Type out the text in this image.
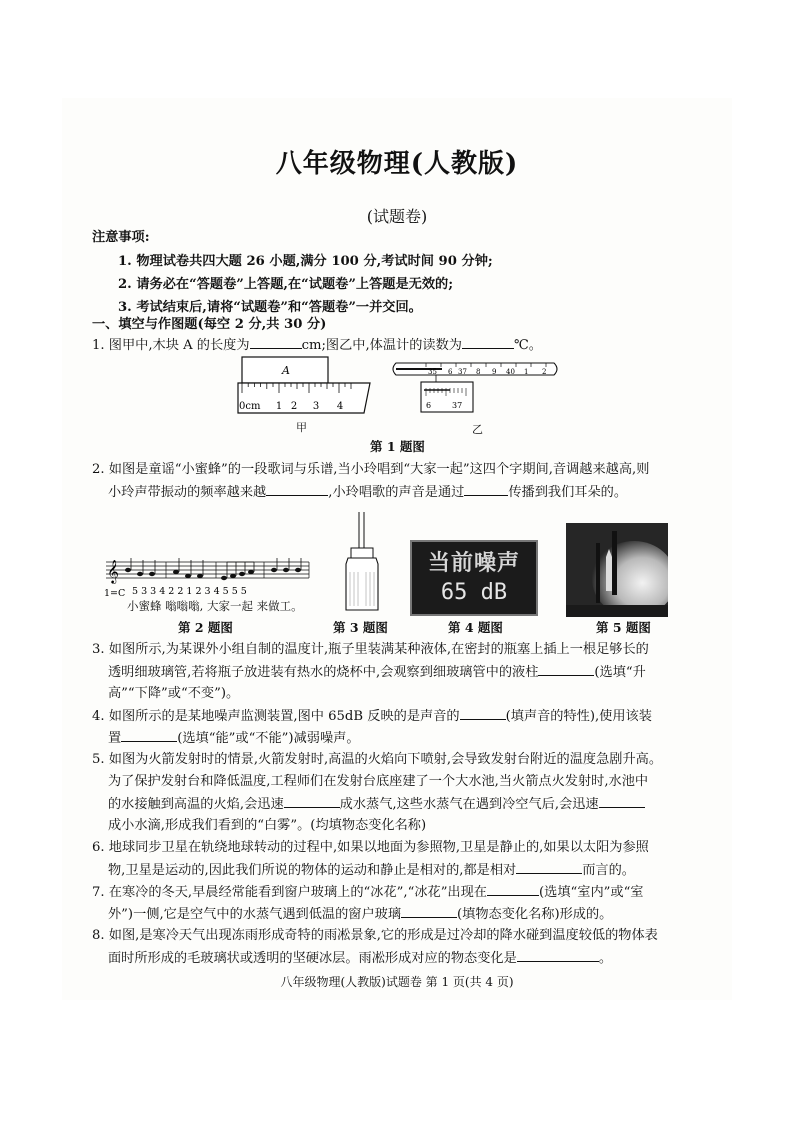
八年级物理(人教版)
(试题卷)
注意事项:
1. 物理试卷共四大题 26 小题,满分 100 分,考试时间 90 分钟;
2. 请务必在“答题卷”上答题,在“试题卷”上答题是无效的;
3. 考试结束后,请将“试题卷”和“答题卷”一并交回。
一、填空与作图题(每空 2 分,共 30 分)
1. 图甲中,木块 A 的长度为	cm;图乙中,体温计的读数为	℃。
A
0cm 1 2 3 4
35 6 37 8 9 40 1 2
6	37
甲	乙
第 1 题图
2. 如图是童谣“小蜜蜂”的一段歌词与乐谱,当小玲唱到“大家一起”这四个字期间,音调越来越高,则
小玲声带振动的频率越来越	,小玲唱歌的声音是通过	传播到我们耳朵的。
𝄞
1=C 5 3 3 4 2 2 1 2 3 4 5 5 5
小蜜蜂 嗡嗡嗡, 大家一起 来做工。
第 2 题图	第 3 题图
当前噪声
65 dB
第 4 题图	第 5 题图
3. 如图所示,为某课外小组自制的温度计,瓶子里装满某种液体,在密封的瓶塞上插上一根足够长的
透明细玻璃管,若将瓶子放进装有热水的烧杯中,会观察到细玻璃管中的液柱	(选填“升
高”“下降”或“不变”)。
4. 如图所示的是某地噪声监测装置,图中 65dB 反映的是声音的	(填声音的特性),使用该装
置	(选填“能”或“不能”)减弱噪声。
5. 如图为火箭发射时的情景,火箭发射时,高温的火焰向下喷射,会导致发射台附近的温度急剧升高。
为了保护发射台和降低温度,工程师们在发射台底座建了一个大水池,当火箭点火发射时,水池中
的水接触到高温的火焰,会迅速	成水蒸气,这些水蒸气在遇到冷空气后,会迅速
成小水滴,形成我们看到的“白雾”。(均填物态变化名称)
6. 地球同步卫星在轨绕地球转动的过程中,如果以地面为参照物,卫星是静止的,如果以太阳为参照
物,卫星是运动的,因此我们所说的物体的运动和静止是相对的,都是相对	而言的。
7. 在寒冷的冬天,早晨经常能看到窗户玻璃上的“冰花”,“冰花”出现在	(选填“室内”或“室
外”)一侧,它是空气中的水蒸气遇到低温的窗户玻璃	(填物态变化名称)形成的。
8. 如图,是寒冷天气出现冻雨形成奇特的雨凇景象,它的形成是过冷却的降水碰到温度较低的物体表
面时所形成的毛玻璃状或透明的坚硬冰层。雨凇形成对应的物态变化是	。
八年级物理(人教版)试题卷 第 1 页(共 4 页)
